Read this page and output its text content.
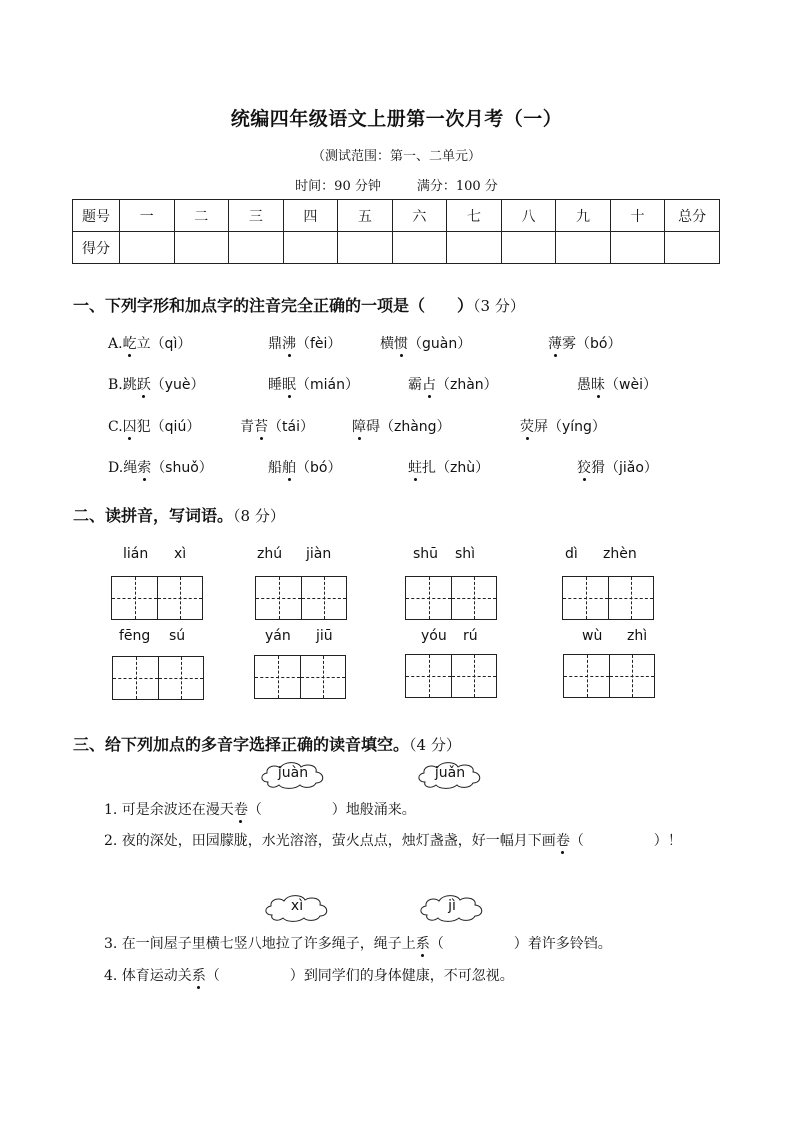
统编四年级语文上册第一次月考（一）
（测试范围：第一、二单元）
时间：90 分钟	满分：100 分
题号	一	二	三	四	五	六	七	八	九	十	总分
得分											
一、下列字形和加点字的注音完全正确的一项是（　　）（3 分）
A.屹立（qì）	鼎沸（fèi）	横惯（guàn）	薄雾（bó）
B.跳跃（yuè）	睡眠（mián）	霸占（zhàn）	愚昧（wèi）
C.囚犯（qiú）	青苔（tái）	障碍（zhàng）	荧屏（yíng）
D.绳索（shuǒ）	船舶（bó）	蛀扎（zhù）	狡猾（jiǎo）
二、读拼音，写词语。（8 分）
lián xì	zhú jiàn	shū shì	dì zhèn
fēng sú	yán jiū	yóu rú	wù zhì
三、给下列加点的多音字选择正确的读音填空。（4 分）
juàn	juǎn
1. 可是余波还在漫天卷（　　　　　）地般涌来。
2. 夜的深处，田园朦胧，水光溶溶，萤火点点，烛灯盏盏，好一幅月下画卷（　　　　　）！
xì	jì
3. 在一间屋子里横七竖八地拉了许多绳子，绳子上系（　　　　　）着许多铃铛。
4. 体育运动关系（　　　　　）到同学们的身体健康，不可忽视。
